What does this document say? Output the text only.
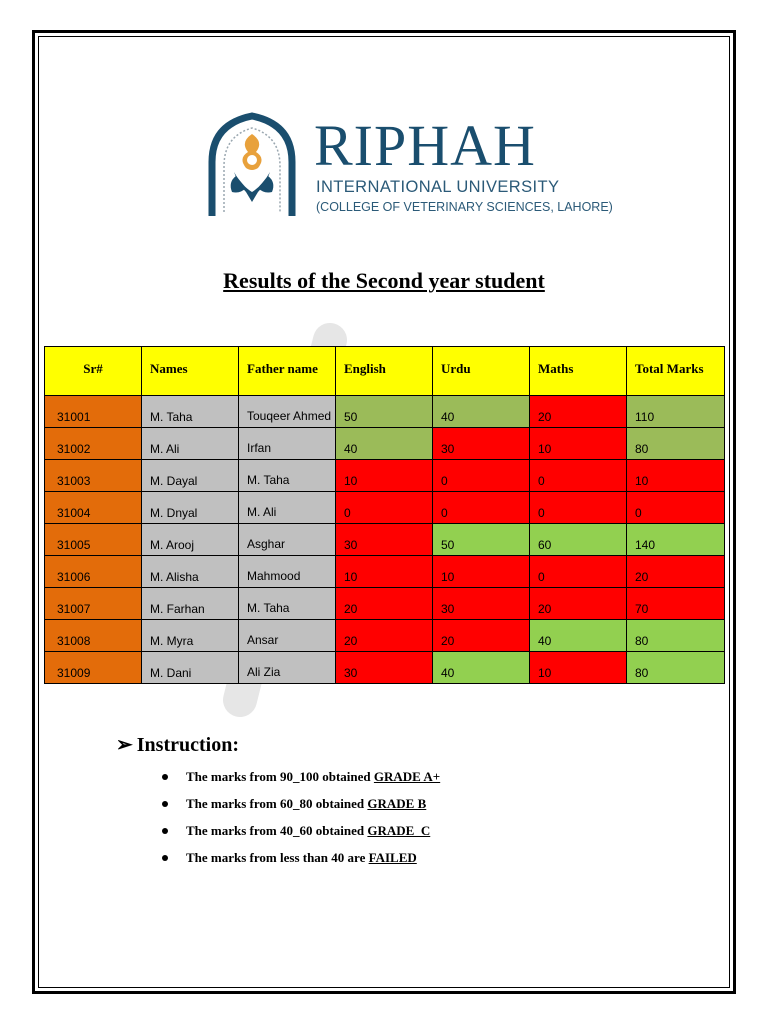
RIPHAH
INTERNATIONAL UNIVERSITY
(COLLEGE OF VETERINARY SCIENCES, LAHORE)
Results of the Second year student
Sr#	Names	Father name	English	Urdu	Maths	Total Marks
31001	M. Taha	Touqeer Ahmed	50	40	20	110
31002	M. Ali	Irfan	40	30	10	80
31003	M. Dayal	M. Taha	10	0	0	10
31004	M. Dnyal	M. Ali	0	0	0	0
31005	M. Arooj	Asghar	30	50	60	140
31006	M. Alisha	Mahmood	10	10	0	20
31007	M. Farhan	M. Taha	20	30	20	70
31008	M. Myra	Ansar	20	20	40	80
31009	M. Dani	Ali Zia	30	40	10	80
➢ Instruction:
The marks from 90_100 obtained GRADE A+
The marks from 60_80 obtained GRADE B
The marks from 40_60 obtained GRADE  C
The marks from less than 40 are FAILED
